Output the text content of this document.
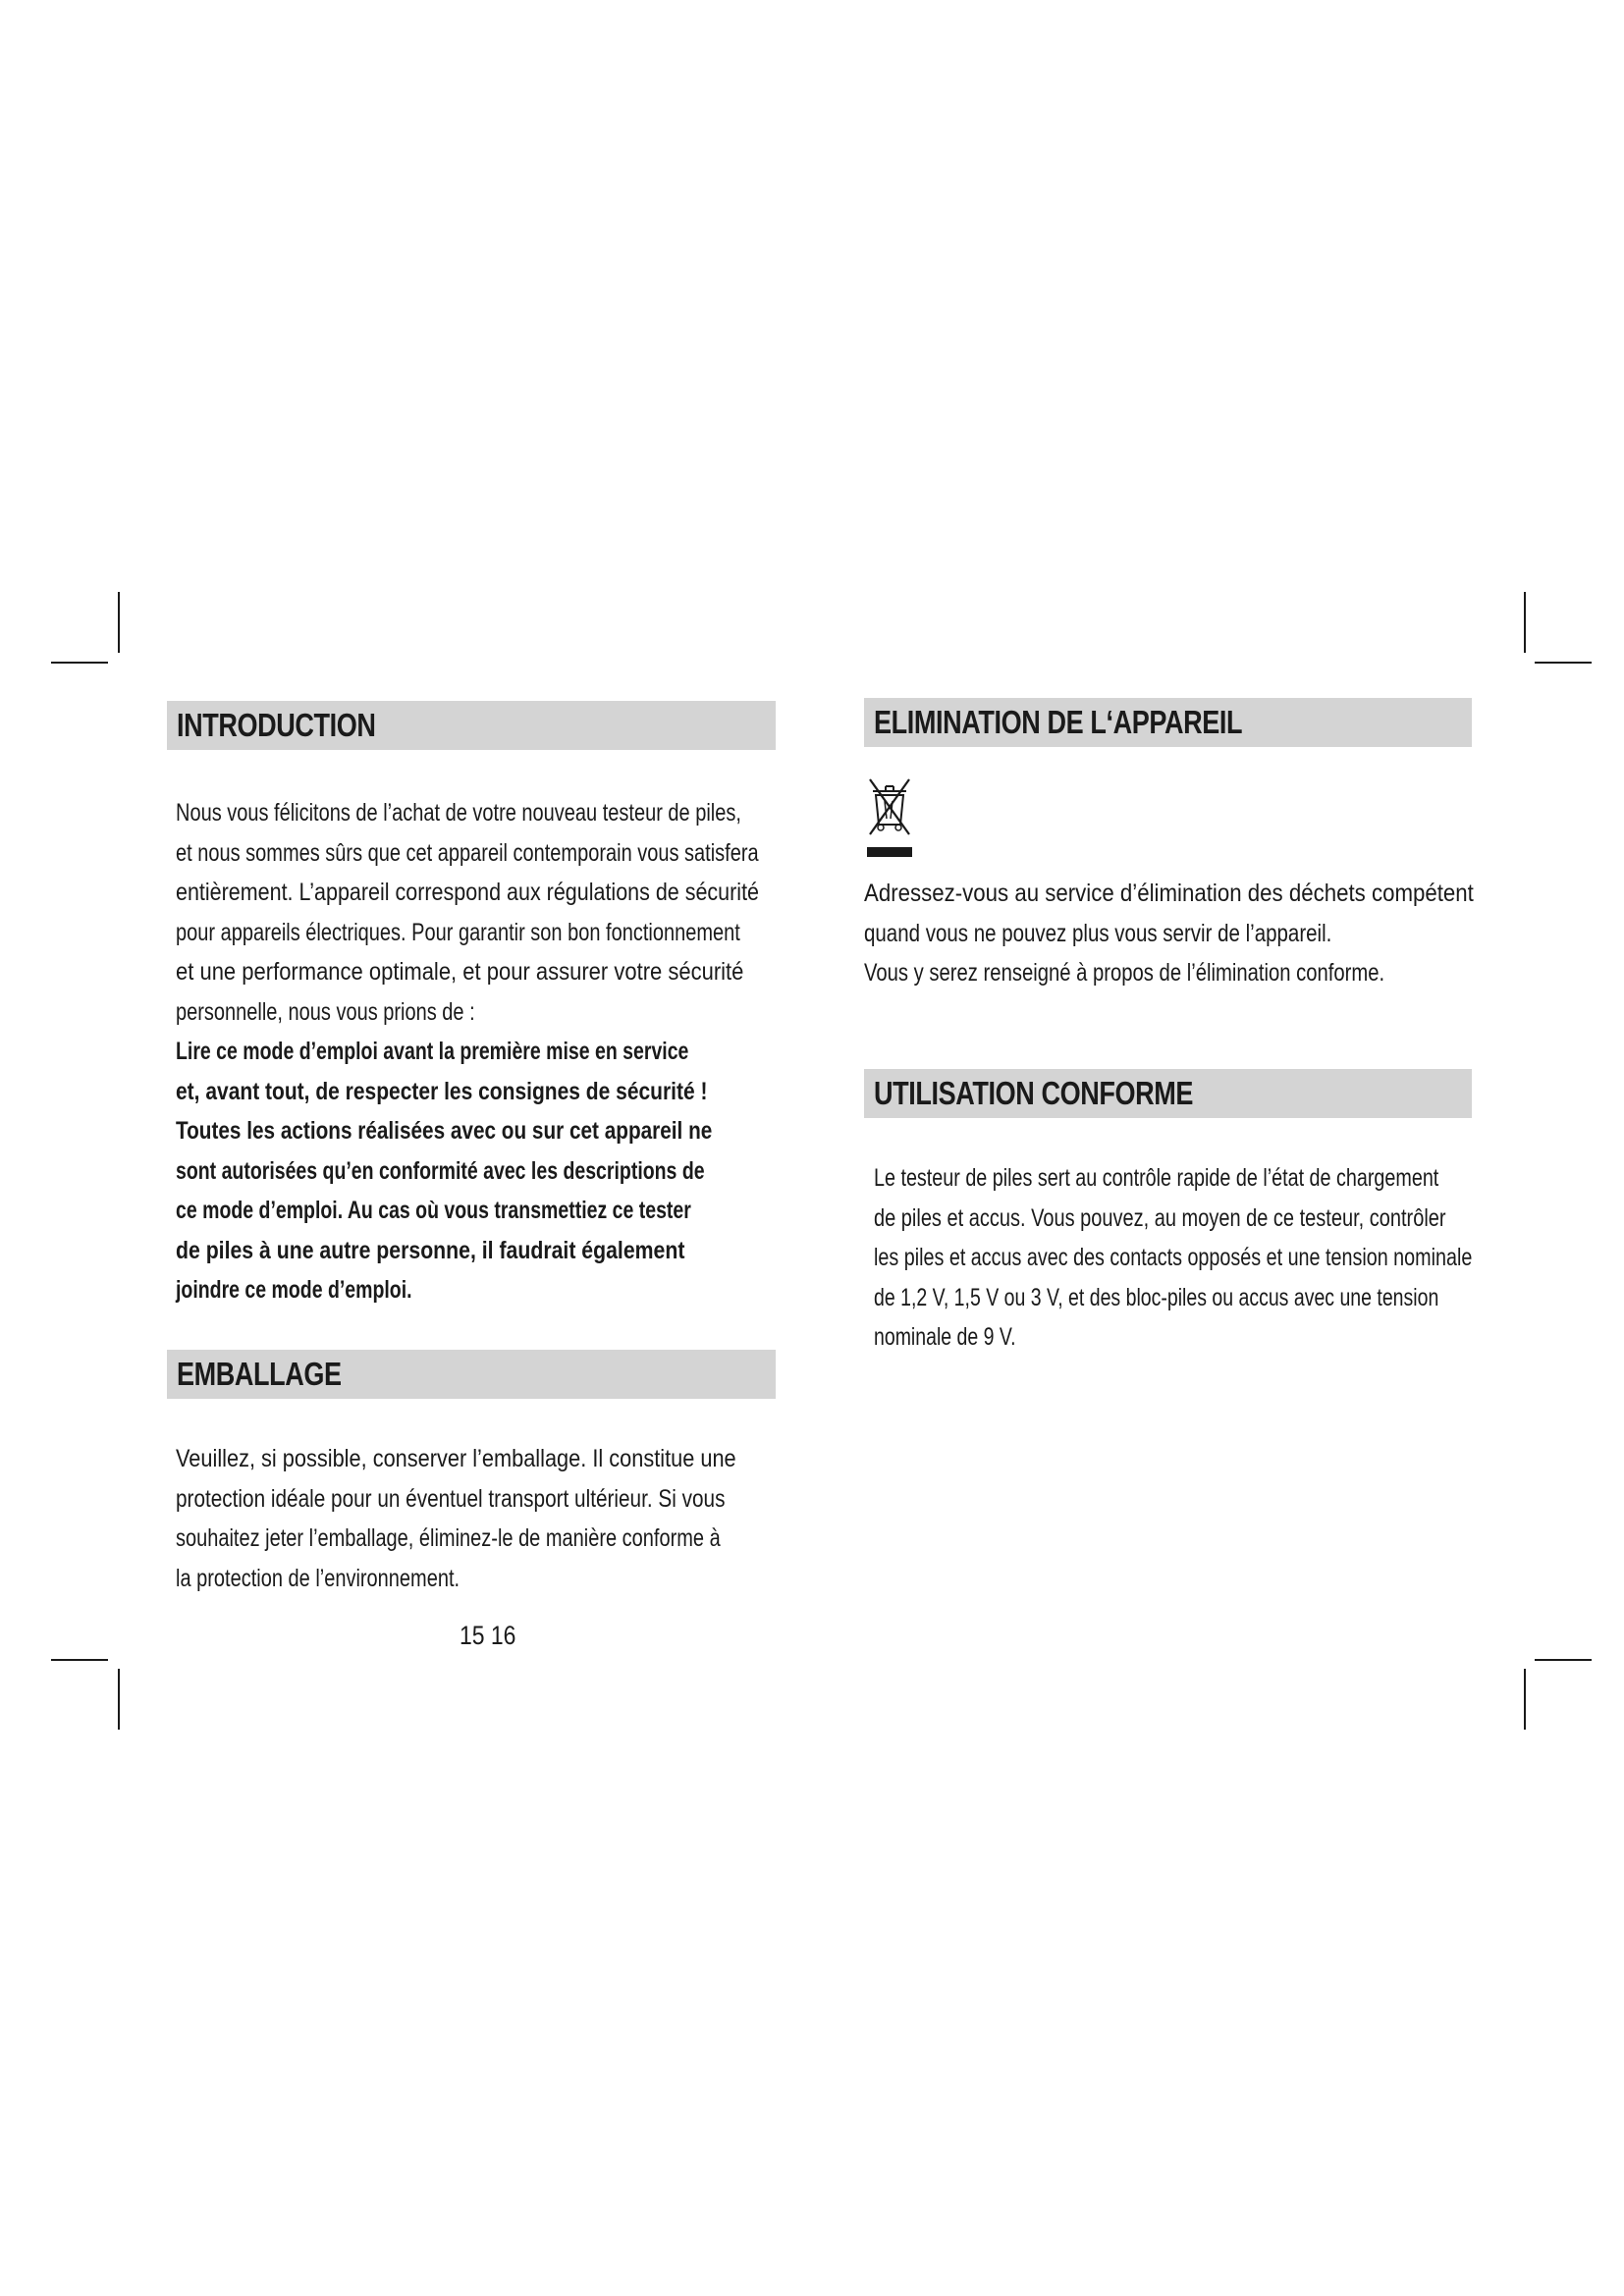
INTRODUCTION
Nous vous félicitons de l’achat de votre nouveau testeur de piles,
et nous sommes sûrs que cet appareil contemporain vous satisfera
entièrement. L’appareil correspond aux régulations de sécurité
pour appareils électriques. Pour garantir son bon fonctionnement
et une performance optimale, et pour assurer votre sécurité
personnelle, nous vous prions de :
Lire ce mode d’emploi avant la première mise en service
et, avant tout, de respecter les consignes de sécurité !
Toutes les actions réalisées avec ou sur cet appareil ne
sont autorisées qu’en conformité avec les descriptions de
ce mode d’emploi. Au cas où vous transmettiez ce tester
de piles à une autre personne, il faudrait également
joindre ce mode d’emploi.
EMBALLAGE
Veuillez, si possible, conserver l’emballage. Il constitue une
protection idéale pour un éventuel transport ultérieur. Si vous
souhaitez jeter l’emballage, éliminez-le de manière conforme à
la protection de l’environnement.
15 16
ELIMINATION DE L‘APPAREIL
Adressez-vous au service d’élimination des déchets compétent
quand vous ne pouvez plus vous servir de l’appareil.
Vous y serez renseigné à propos de l’élimination conforme.
UTILISATION CONFORME
Le testeur de piles sert au contrôle rapide de l’état de chargement
de piles et accus. Vous pouvez, au moyen de ce testeur, contrôler
les piles et accus avec des contacts opposés et une tension nominale
de 1,2 V, 1,5 V ou 3 V, et des bloc-piles ou accus avec une tension
nominale de 9 V.
